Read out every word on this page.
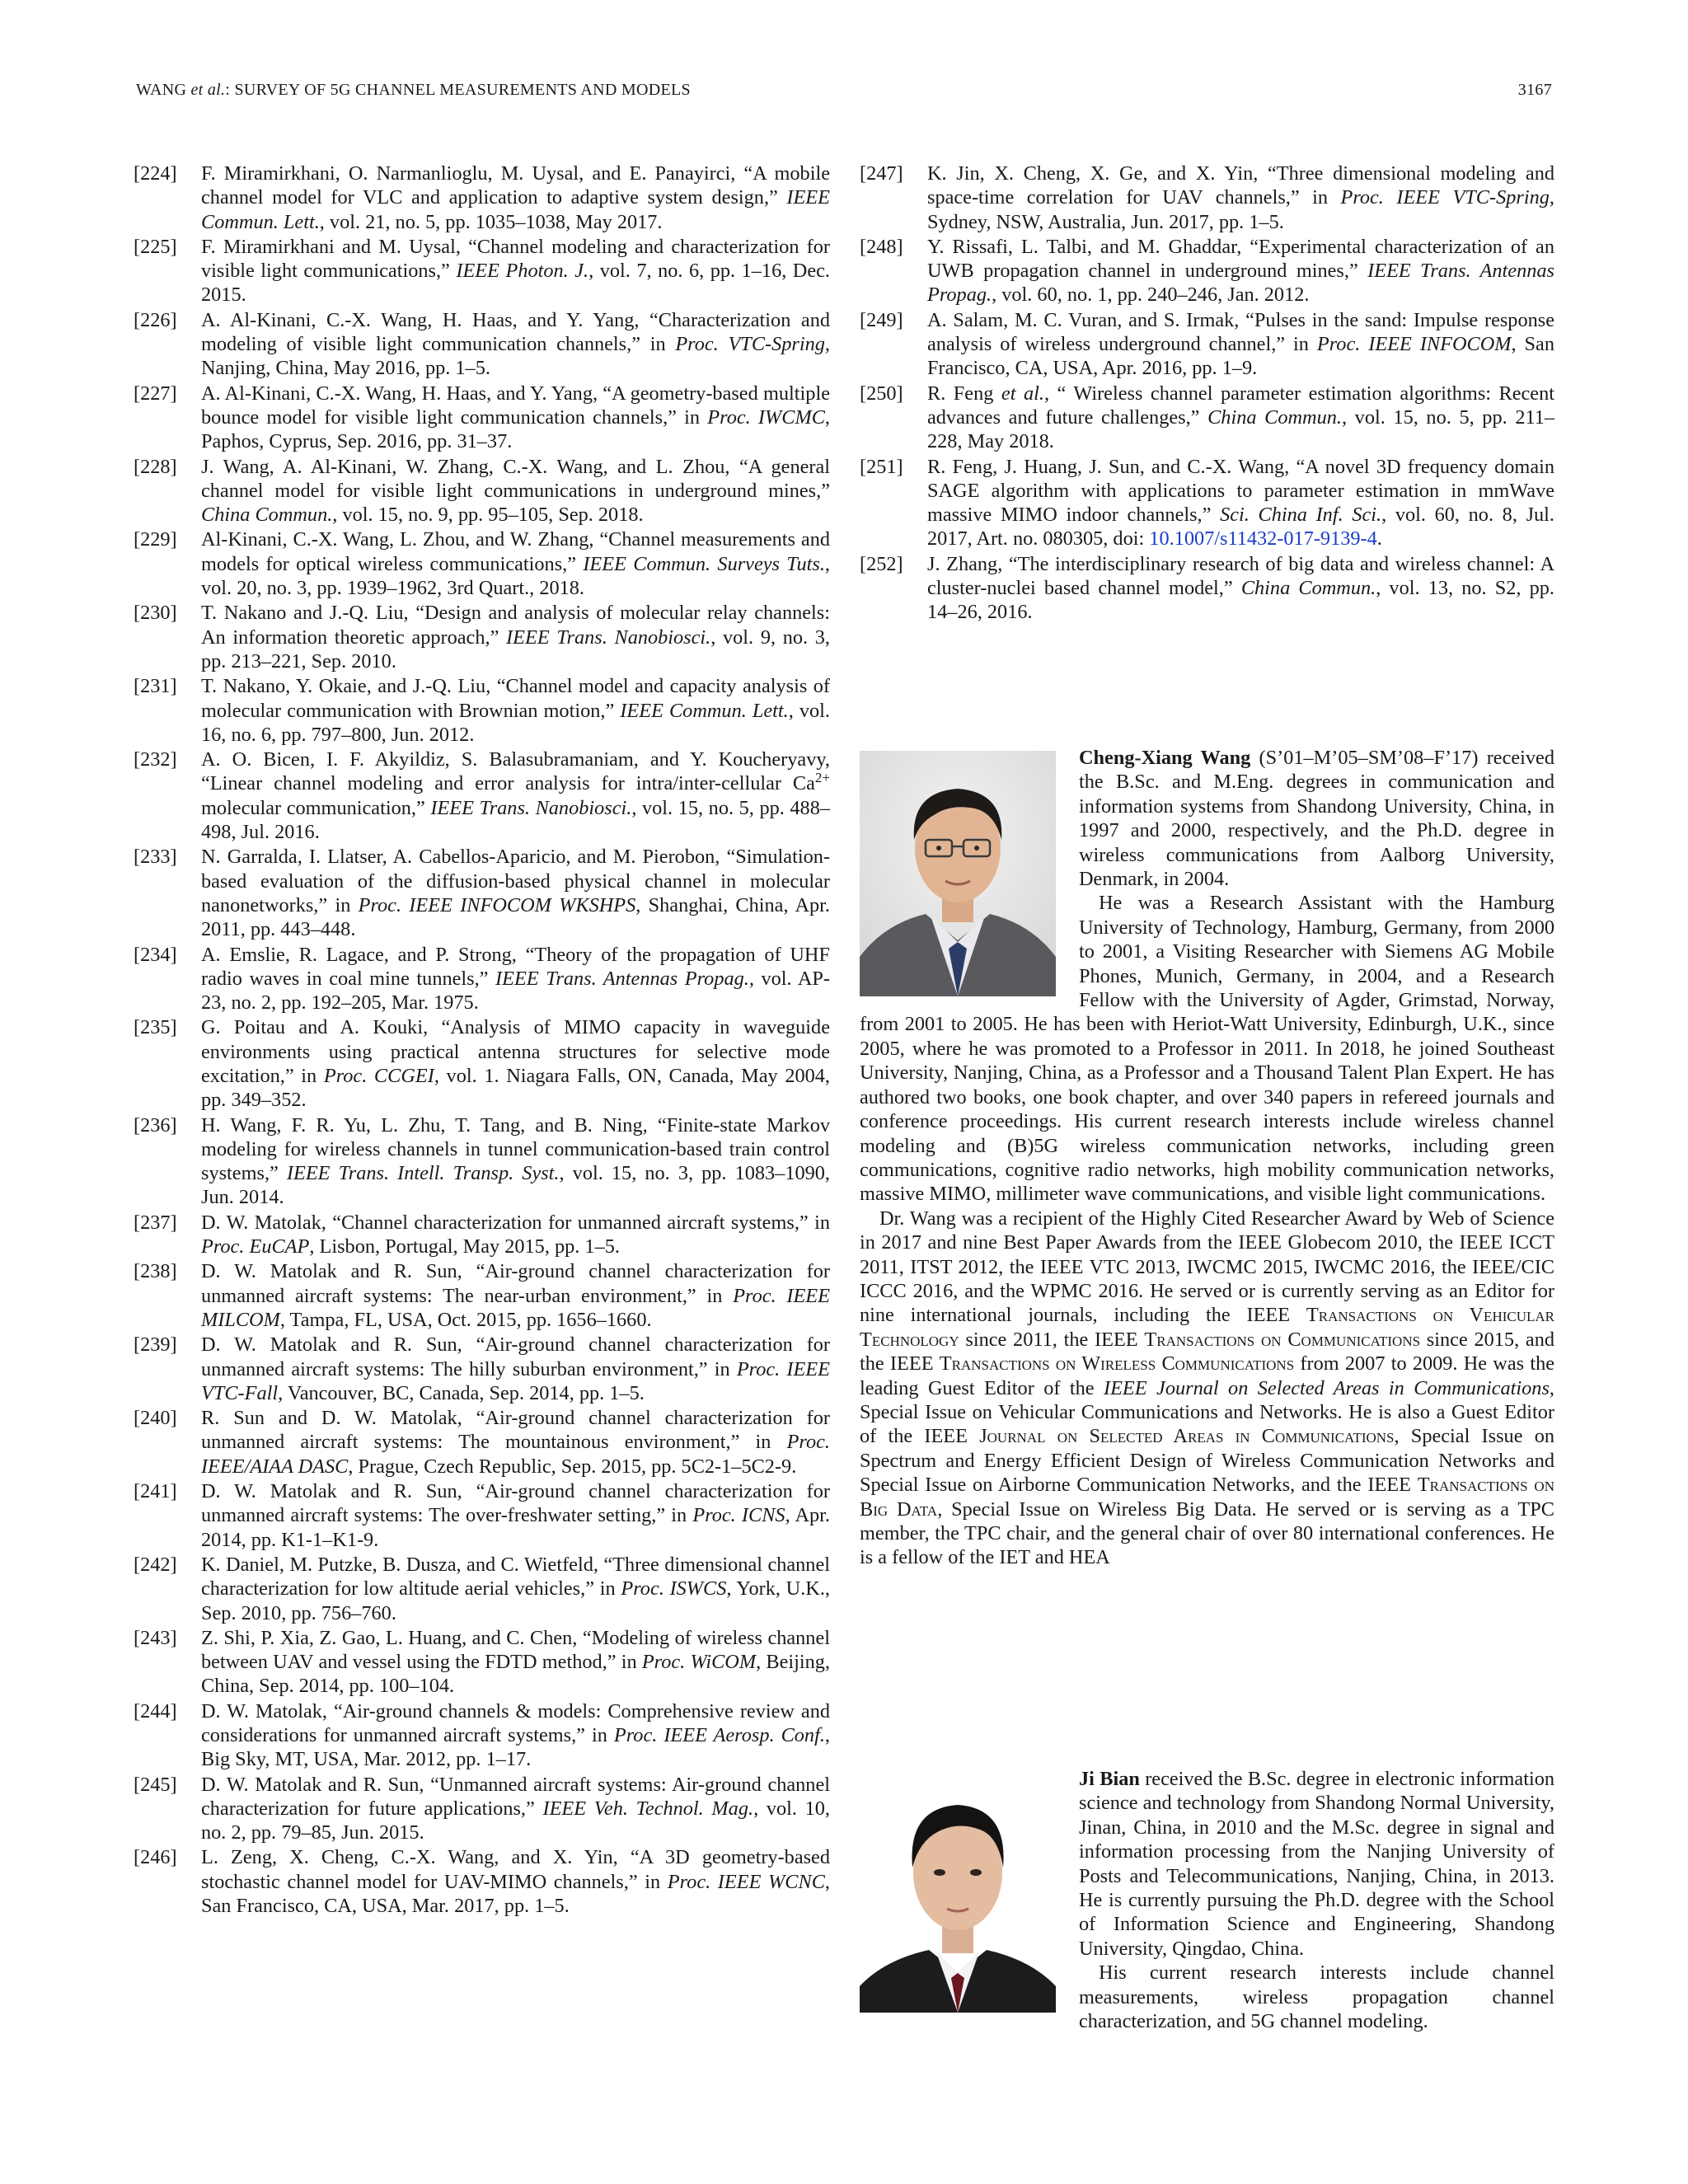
WANG et al.: SURVEY OF 5G CHANNEL MEASUREMENTS AND MODELS	3167
[224] F. Miramirkhani, O. Narmanlioglu, M. Uysal, and E. Panayirci, “A mobile channel model for VLC and application to adaptive system design,” IEEE Commun. Lett., vol. 21, no. 5, pp. 1035–1038, May 2017.
[225] F. Miramirkhani and M. Uysal, “Channel modeling and characterization for visible light communications,” IEEE Photon. J., vol. 7, no. 6, pp. 1–16, Dec. 2015.
[226] A. Al-Kinani, C.-X. Wang, H. Haas, and Y. Yang, “Characterization and modeling of visible light communication channels,” in Proc. VTC-Spring, Nanjing, China, May 2016, pp. 1–5.
[227] A. Al-Kinani, C.-X. Wang, H. Haas, and Y. Yang, “A geometry-based multiple bounce model for visible light communication channels,” in Proc. IWCMC, Paphos, Cyprus, Sep. 2016, pp. 31–37.
[228] J. Wang, A. Al-Kinani, W. Zhang, C.-X. Wang, and L. Zhou, “A general channel model for visible light communications in underground mines,” China Commun., vol. 15, no. 9, pp. 95–105, Sep. 2018.
[229] Al-Kinani, C.-X. Wang, L. Zhou, and W. Zhang, “Channel measurements and models for optical wireless communications,” IEEE Commun. Surveys Tuts., vol. 20, no. 3, pp. 1939–1962, 3rd Quart., 2018.
[230] T. Nakano and J.-Q. Liu, “Design and analysis of molecular relay channels: An information theoretic approach,” IEEE Trans. Nanobiosci., vol. 9, no. 3, pp. 213–221, Sep. 2010.
[231] T. Nakano, Y. Okaie, and J.-Q. Liu, “Channel model and capacity analysis of molecular communication with Brownian motion,” IEEE Commun. Lett., vol. 16, no. 6, pp. 797–800, Jun. 2012.
[232] A. O. Bicen, I. F. Akyildiz, S. Balasubramaniam, and Y. Koucheryavy, “Linear channel modeling and error analysis for intra/inter-cellular $Ca^{2+}$ molecular communication,” IEEE Trans. Nanobiosci., vol. 15, no. 5, pp. 488–498, Jul. 2016.
[233] N. Garralda, I. Llatser, A. Cabellos-Aparicio, and M. Pierobon, “Simulation-based evaluation of the diffusion-based physical channel in molecular nanonetworks,” in Proc. IEEE INFOCOM WKSHPS, Shanghai, China, Apr. 2011, pp. 443–448.
[234] A. Emslie, R. Lagace, and P. Strong, “Theory of the propagation of UHF radio waves in coal mine tunnels,” IEEE Trans. Antennas Propag., vol. AP-23, no. 2, pp. 192–205, Mar. 1975.
[235] G. Poitau and A. Kouki, “Analysis of MIMO capacity in waveguide environments using practical antenna structures for selective mode excitation,” in Proc. CCGEI, vol. 1. Niagara Falls, ON, Canada, May 2004, pp. 349–352.
[236] H. Wang, F. R. Yu, L. Zhu, T. Tang, and B. Ning, “Finite-state Markov modeling for wireless channels in tunnel communication-based train control systems,” IEEE Trans. Intell. Transp. Syst., vol. 15, no. 3, pp. 1083–1090, Jun. 2014.
[237] D. W. Matolak, “Channel characterization for unmanned aircraft systems,” in Proc. EuCAP, Lisbon, Portugal, May 2015, pp. 1–5.
[238] D. W. Matolak and R. Sun, “Air-ground channel characterization for unmanned aircraft systems: The near-urban environment,” in Proc. IEEE MILCOM, Tampa, FL, USA, Oct. 2015, pp. 1656–1660.
[239] D. W. Matolak and R. Sun, “Air-ground channel characterization for unmanned aircraft systems: The hilly suburban environment,” in Proc. IEEE VTC-Fall, Vancouver, BC, Canada, Sep. 2014, pp. 1–5.
[240] R. Sun and D. W. Matolak, “Air-ground channel characterization for unmanned aircraft systems: The mountainous environment,” in Proc. IEEE/AIAA DASC, Prague, Czech Republic, Sep. 2015, pp. 5C2-1–5C2-9.
[241] D. W. Matolak and R. Sun, “Air-ground channel characterization for unmanned aircraft systems: The over-freshwater setting,” in Proc. ICNS, Apr. 2014, pp. K1-1–K1-9.
[242] K. Daniel, M. Putzke, B. Dusza, and C. Wietfeld, “Three dimensional channel characterization for low altitude aerial vehicles,” in Proc. ISWCS, York, U.K., Sep. 2010, pp. 756–760.
[243] Z. Shi, P. Xia, Z. Gao, L. Huang, and C. Chen, “Modeling of wireless channel between UAV and vessel using the FDTD method,” in Proc. WiCOM, Beijing, China, Sep. 2014, pp. 100–104.
[244] D. W. Matolak, “Air-ground channels & models: Comprehensive review and considerations for unmanned aircraft systems,” in Proc. IEEE Aerosp. Conf., Big Sky, MT, USA, Mar. 2012, pp. 1–17.
[245] D. W. Matolak and R. Sun, “Unmanned aircraft systems: Air-ground channel characterization for future applications,” IEEE Veh. Technol. Mag., vol. 10, no. 2, pp. 79–85, Jun. 2015.
[246] L. Zeng, X. Cheng, C.-X. Wang, and X. Yin, “A 3D geometry-based stochastic channel model for UAV-MIMO channels,” in Proc. IEEE WCNC, San Francisco, CA, USA, Mar. 2017, pp. 1–5.
[247] K. Jin, X. Cheng, X. Ge, and X. Yin, “Three dimensional modeling and space-time correlation for UAV channels,” in Proc. IEEE VTC-Spring, Sydney, NSW, Australia, Jun. 2017, pp. 1–5.
[248] Y. Rissafi, L. Talbi, and M. Ghaddar, “Experimental characterization of an UWB propagation channel in underground mines,” IEEE Trans. Antennas Propag., vol. 60, no. 1, pp. 240–246, Jan. 2012.
[249] A. Salam, M. C. Vuran, and S. Irmak, “Pulses in the sand: Impulse response analysis of wireless underground channel,” in Proc. IEEE INFOCOM, San Francisco, CA, USA, Apr. 2016, pp. 1–9.
[250] R. Feng et al., “ Wireless channel parameter estimation algorithms: Recent advances and future challenges,” China Commun., vol. 15, no. 5, pp. 211–228, May 2018.
[251] R. Feng, J. Huang, J. Sun, and C.-X. Wang, “A novel 3D frequency domain SAGE algorithm with applications to parameter estimation in mmWave massive MIMO indoor channels,” Sci. China Inf. Sci., vol. 60, no. 8, Jul. 2017, Art. no. 080305, doi: 10.1007/s11432-017-9139-4.
[252] J. Zhang, “The interdisciplinary research of big data and wireless channel: A cluster-nuclei based channel model,” China Commun., vol. 13, no. S2, pp. 14–26, 2016.

Cheng-Xiang Wang (S’01–M’05–SM’08–F’17) received the B.Sc. and M.Eng. degrees in communication and information systems from Shandong University, China, in 1997 and 2000, respectively, and the Ph.D. degree in wireless communications from Aalborg University, Denmark, in 2004.

He was a Research Assistant with the Hamburg University of Technology, Hamburg, Germany, from 2000 to 2001, a Visiting Researcher with Siemens AG Mobile Phones, Munich, Germany, in 2004, and a Research Fellow with the University of Agder, Grimstad, Norway, from 2001 to 2005. He has been with Heriot-Watt University, Edinburgh, U.K., since 2005, where he was promoted to a Professor in 2011. In 2018, he joined Southeast University, Nanjing, China, as a Professor and a Thousand Talent Plan Expert. He has authored two books, one book chapter, and over 340 papers in refereed journals and conference proceedings. His current research interests include wireless channel modeling and (B)5G wireless communication networks, including green communications, cognitive radio networks, high mobility communication networks, massive MIMO, millimeter wave communications, and visible light communications.

Dr. Wang was a recipient of the Highly Cited Researcher Award by Web of Science in 2017 and nine Best Paper Awards from the IEEE Globecom 2010, the IEEE ICCT 2011, ITST 2012, the IEEE VTC 2013, IWCMC 2015, IWCMC 2016, the IEEE/CIC ICCC 2016, and the WPMC 2016. He served or is currently serving as an Editor for nine international journals, including the IEEE Transactions on Vehicular Technology since 2011, the IEEE Transactions on Communications since 2015, and the IEEE Transactions on Wireless Communications from 2007 to 2009. He was the leading Guest Editor of the IEEE Journal on Selected Areas in Communications, Special Issue on Vehicular Communications and Networks. He is also a Guest Editor of the IEEE Journal on Selected Areas in Communications, Special Issue on Spectrum and Energy Efficient Design of Wireless Communication Networks and Special Issue on Airborne Communication Networks, and the IEEE Transactions on Big Data, Special Issue on Wireless Big Data. He served or is serving as a TPC member, the TPC chair, and the general chair of over 80 international conferences. He is a fellow of the IET and HEA

Ji Bian received the B.Sc. degree in electronic information science and technology from Shandong Normal University, Jinan, China, in 2010 and the M.Sc. degree in signal and information processing from the Nanjing University of Posts and Telecommunications, Nanjing, China, in 2013. He is currently pursuing the Ph.D. degree with the School of Information Science and Engineering, Shandong University, Qingdao, China.

His current research interests include channel measurements, wireless propagation channel characterization, and 5G channel modeling.
